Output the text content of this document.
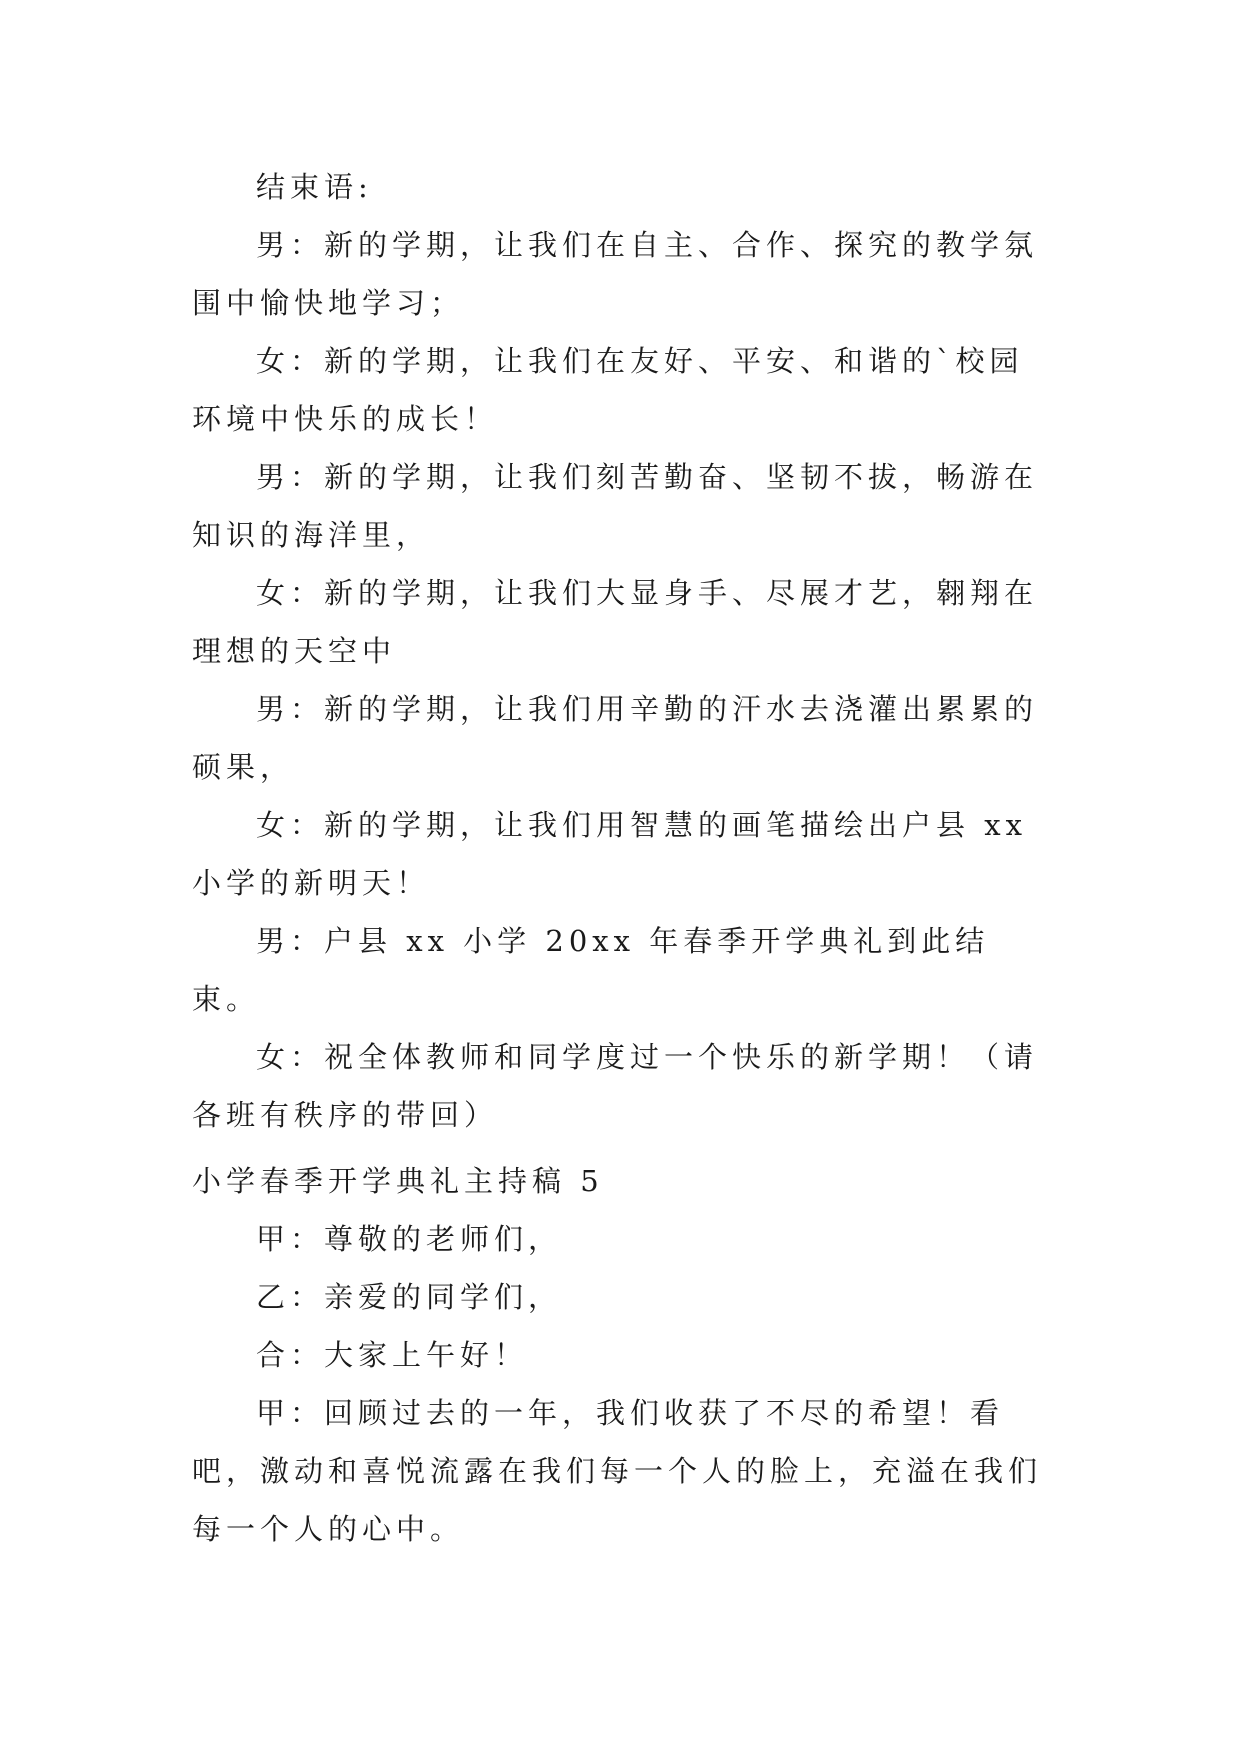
结束语:

男：新的学期，让我们在自主、合作、探究的教学氛围中愉快地学习；

女：新的学期，让我们在友好、平安、和谐的`校园环境中快乐的成长！

男：新的学期，让我们刻苦勤奋、坚韧不拔，畅游在知识的海洋里，

女：新的学期，让我们大显身手、尽展才艺，翱翔在理想的天空中

男：新的学期，让我们用辛勤的汗水去浇灌出累累的硕果，

女：新的学期，让我们用智慧的画笔描绘出户县 xx 小学的新明天！

男：户县 xx 小学 20xx 年春季开学典礼到此结束。

女：祝全体教师和同学度过一个快乐的新学期！（请各班有秩序的带回）

小学春季开学典礼主持稿 5

甲：尊敬的老师们，

乙：亲爱的同学们，

合：大家上午好！

甲：回顾过去的一年，我们收获了不尽的希望！看吧，激动和喜悦流露在我们每一个人的脸上，充溢在我们每一个人的心中。
